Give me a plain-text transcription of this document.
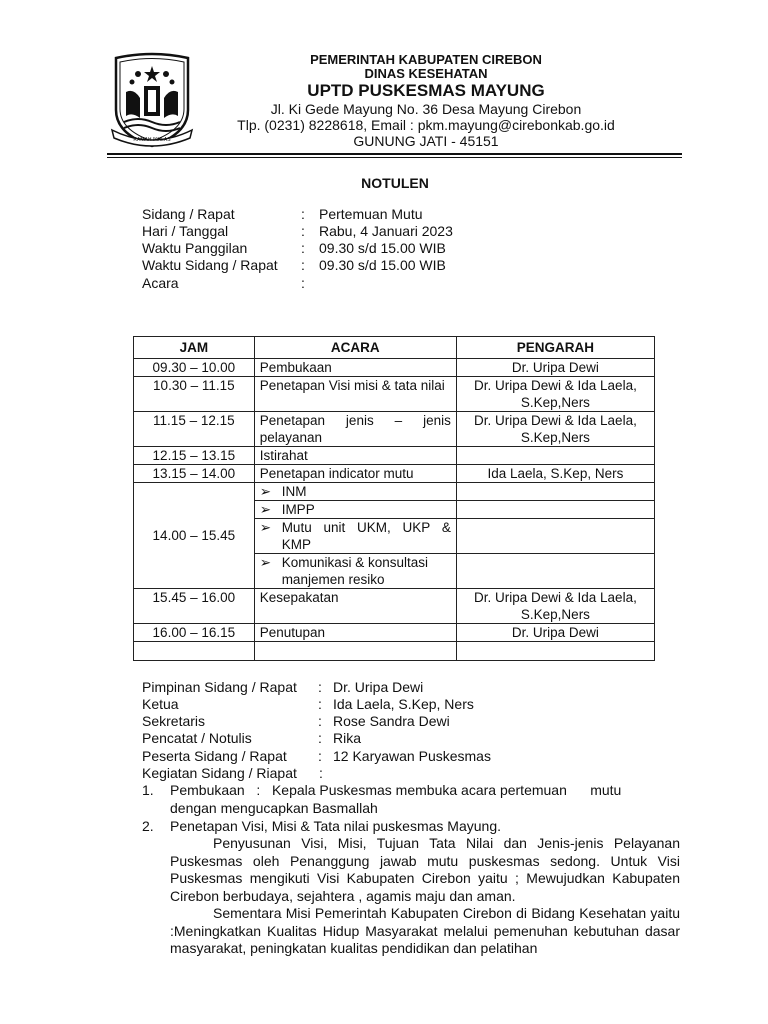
RAMAH IKHLAS
PEMERINTAH KABUPATEN CIREBON
DINAS KESEHATAN
UPTD PUSKESMAS MAYUNG
Jl. Ki Gede Mayung No. 36 Desa Mayung Cirebon
Tlp. (0231) 8228618, Email : pkm.mayung@cirebonkab.go.id
GUNUNG JATI - 45151
NOTULEN
Sidang / Rapat	: Pertemuan Mutu
Hari / Tanggal	: Rabu, 4 Januari 2023
Waktu Panggilan	: 09.30 s/d 15.00 WIB
Waktu Sidang / Rapat	: 09.30 s/d 15.00 WIB
Acara	:
JAM	ACARA	PENGARAH
09.30 – 10.00	Pembukaan	Dr. Uripa Dewi
10.30 – 11.15	Penetapan Visi misi & tata nilai	Dr. Uripa Dewi & Ida Laela, S.Kep,Ners
11.15 – 12.15	Penetapan jenis – jenis pelayanan	Dr. Uripa Dewi & Ida Laela, S.Kep,Ners
12.15 – 13.15	Istirahat	
13.15 – 14.00	Penetapan indicator mutu	Ida Laela, S.Kep, Ners
14.00 – 15.45	➢ INM	

	➢ IMPP	

	➢ Mutu unit UKM, UKP & KMP	

	➢ Komunikasi & konsultasi manjemen resiko	

15.45 – 16.00	Kesepakatan	Dr. Uripa Dewi & Ida Laela, S.Kep,Ners
16.00 – 16.15	Penutupan	Dr. Uripa Dewi

Pimpinan Sidang / Rapat	: Dr. Uripa Dewi
Ketua	: Ida Laela, S.Kep, Ners
Sekretaris	: Rose Sandra Dewi
Pencatat / Notulis	: Rika
Peserta Sidang / Rapat	: 12 Karyawan Puskesmas
Kegiatan Sidang / Riapat	:
1. Pembukaan   :   Kepala Puskesmas membuka acara pertemuan      mutu
dengan mengucapkan Basmallah
2. Penetapan Visi, Misi & Tata nilai puskesmas Mayung.
Penyusunan Visi, Misi, Tujuan Tata Nilai dan Jenis-jenis Pelayanan Puskesmas oleh Penanggung jawab mutu puskesmas sedong. Untuk Visi Puskesmas mengikuti Visi Kabupaten Cirebon yaitu ; Mewujudkan Kabupaten Cirebon berbudaya, sejahtera , agamis maju dan aman.
Sementara Misi Pemerintah Kabupaten Cirebon di Bidang Kesehatan yaitu :Meningkatkan Kualitas Hidup Masyarakat melalui pemenuhan kebutuhan dasar masyarakat, peningkatan kualitas pendidikan dan pelatihan
